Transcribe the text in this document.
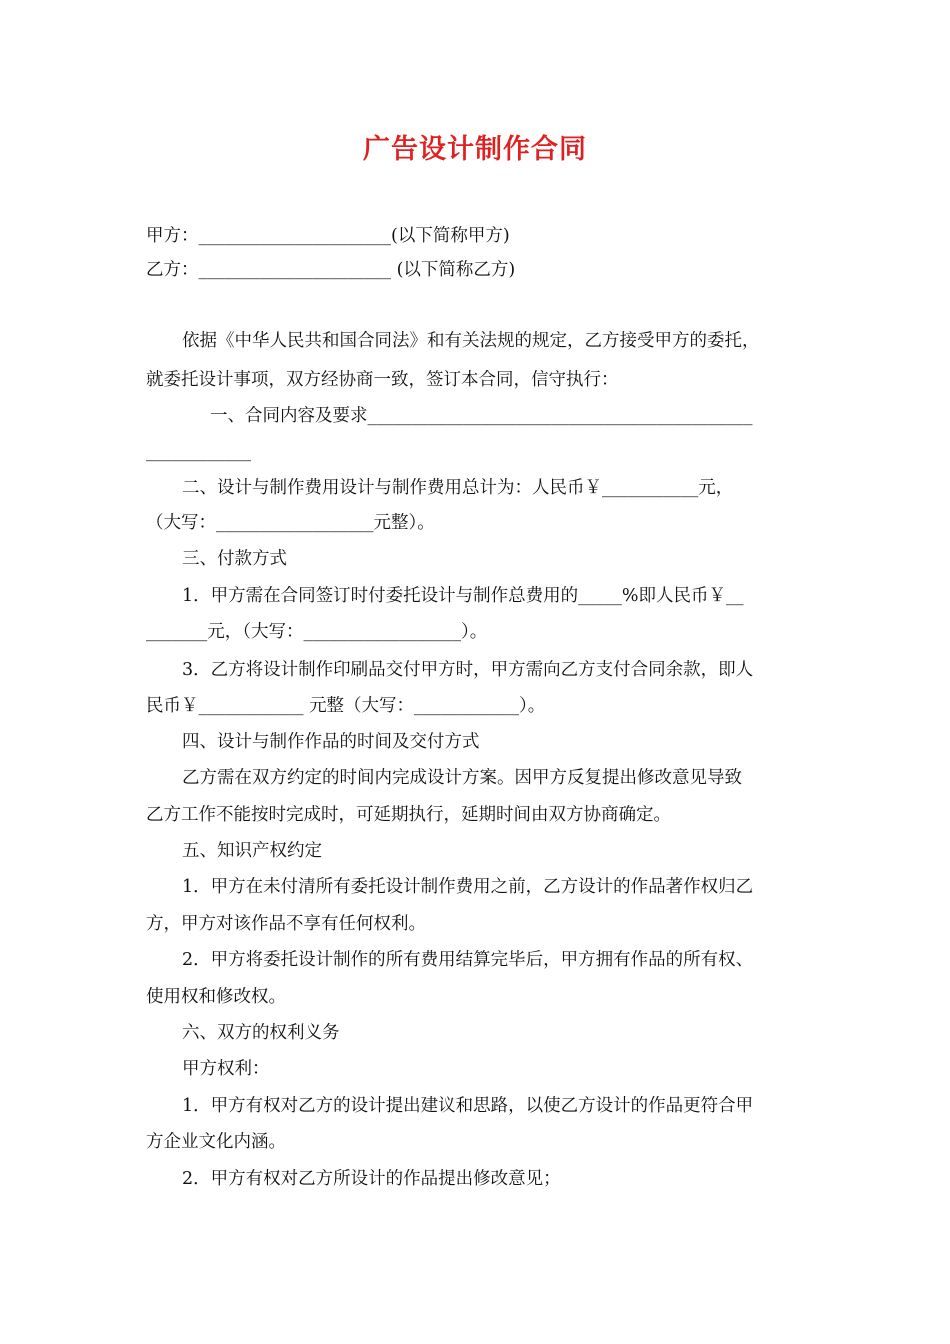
广告设计制作合同
甲方：______________________(以下简称甲方)
乙方：______________________ (以下简称乙方)
依据《中华人民共和国合同法》和有关法规的规定，乙方接受甲方的委托，
就委托设计事项，双方经协商一致，签订本合同，信守执行：
一、合同内容及要求____________________________________________
____________
二、设计与制作费用设计与制作费用总计为：人民币￥___________元，
（大写：__________________元整）。
三、付款方式
1．甲方需在合同签订时付委托设计与制作总费用的_____%即人民币￥__
_______元，（大写：__________________）。
3．乙方将设计制作印刷品交付甲方时，甲方需向乙方支付合同余款，即人
民币￥____________ 元整（大写：____________）。
四、设计与制作作品的时间及交付方式
乙方需在双方约定的时间内完成设计方案。因甲方反复提出修改意见导致
乙方工作不能按时完成时，可延期执行，延期时间由双方协商确定。
五、知识产权约定
1．甲方在未付清所有委托设计制作费用之前，乙方设计的作品著作权归乙
方，甲方对该作品不享有任何权利。
2．甲方将委托设计制作的所有费用结算完毕后，甲方拥有作品的所有权、
使用权和修改权。
六、双方的权利义务
甲方权利：
1．甲方有权对乙方的设计提出建议和思路，以使乙方设计的作品更符合甲
方企业文化内涵。
2．甲方有权对乙方所设计的作品提出修改意见；
